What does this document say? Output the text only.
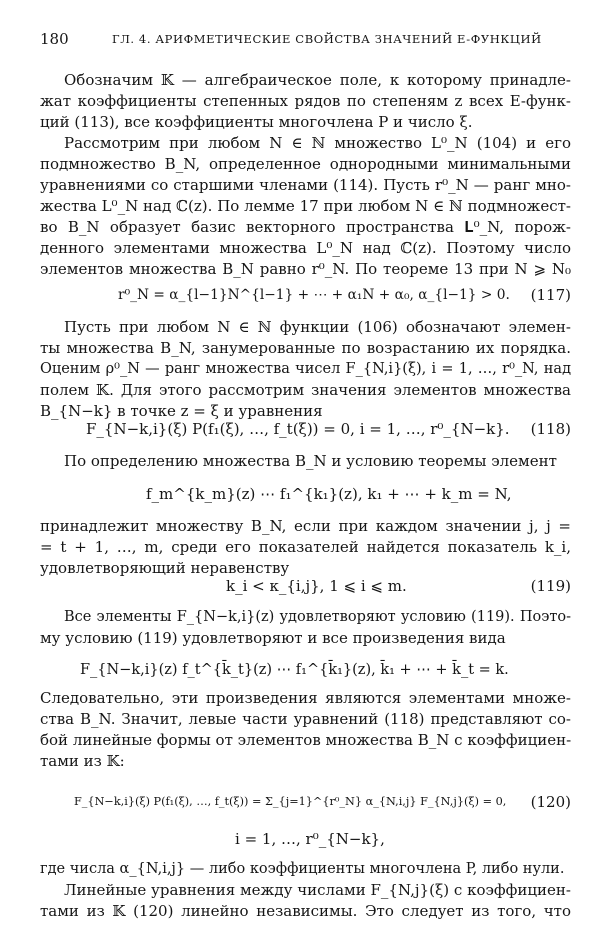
180	ГЛ. 4. АРИФМЕТИЧЕСКИЕ СВОЙСТВА ЗНАЧЕНИЙ E-ФУНКЦИЙ
Обозначим 𝕂 — алгебраическое поле, к которому принадле-
жат коэффициенты степенных рядов по степеням z всех E-функ-
ций (113), все коэффициенты многочлена P и число ξ.
Рассмотрим при любом N ∈ ℕ множество L⁰_N (104) и его
подмножество B_N, определенное однородными минимальными
уравнениями со старшими членами (114). Пусть r⁰_N — ранг мно-
жества L⁰_N над ℂ(z). По лемме 17 при любом N ∈ ℕ подмножест-
во B_N образует базис векторного пространства 𝐋⁰_N, порож-
денного элементами множества L⁰_N над ℂ(z). Поэтому число
элементов множества B_N равно r⁰_N. По теореме 13 при N ⩾ N₀
r⁰_N = α_{l−1}N^{l−1} + ⋯ + α₁N + α₀, α_{l−1} > 0. (117)
Пусть при любом N ∈ ℕ функции (106) обозначают элемен-
ты множества B_N, занумерованные по возрастанию их порядка.
Оценим ρ⁰_N — ранг множества чисел F_{N,i}(ξ), i = 1, …, r⁰_N, над
полем 𝕂. Для этого рассмотрим значения элементов множества
B_{N−k} в точке z = ξ и уравнения
F_{N−k,i}(ξ) P(f₁(ξ), …, f_t(ξ)) = 0, i = 1, …, r⁰_{N−k}. (118)
По определению множества B_N и условию теоремы элемент
f_m^{k_m}(z) ⋯ f₁^{k₁}(z), k₁ + ⋯ + k_m = N,
принадлежит множеству B_N, если при каждом значении j, j =
= t + 1, …, m, среди его показателей найдется показатель k_i,
удовлетворяющий неравенству
k_i < κ_{i,j}, 1 ⩽ i ⩽ m.	(119)
Все элементы F_{N−k,i}(z) удовлетворяют условию (119). Поэто-
му условию (119) удовлетворяют и все произведения вида
F_{N−k,i}(z) f_t^{k̄_t}(z) ⋯ f₁^{k̄₁}(z), k̄₁ + ⋯ + k̄_t = k.
Следовательно, эти произведения являются элементами множе-
ства B_N. Значит, левые части уравнений (118) представляют со-
бой линейные формы от элементов множества B_N с коэффициен-
тами из 𝕂:
F_{N−k,i}(ξ) P(f₁(ξ), …, f_t(ξ)) = Σ_{j=1}^{r⁰_N} α_{N,i,j} F_{N,j}(ξ) = 0, (120)
i = 1, …, r⁰_{N−k},
где числа α_{N,i,j} — либо коэффициенты многочлена P, либо нули.
Линейные уравнения между числами F_{N,j}(ξ) с коэффициен-
тами из 𝕂 (120) линейно независимы. Это следует из того, что
